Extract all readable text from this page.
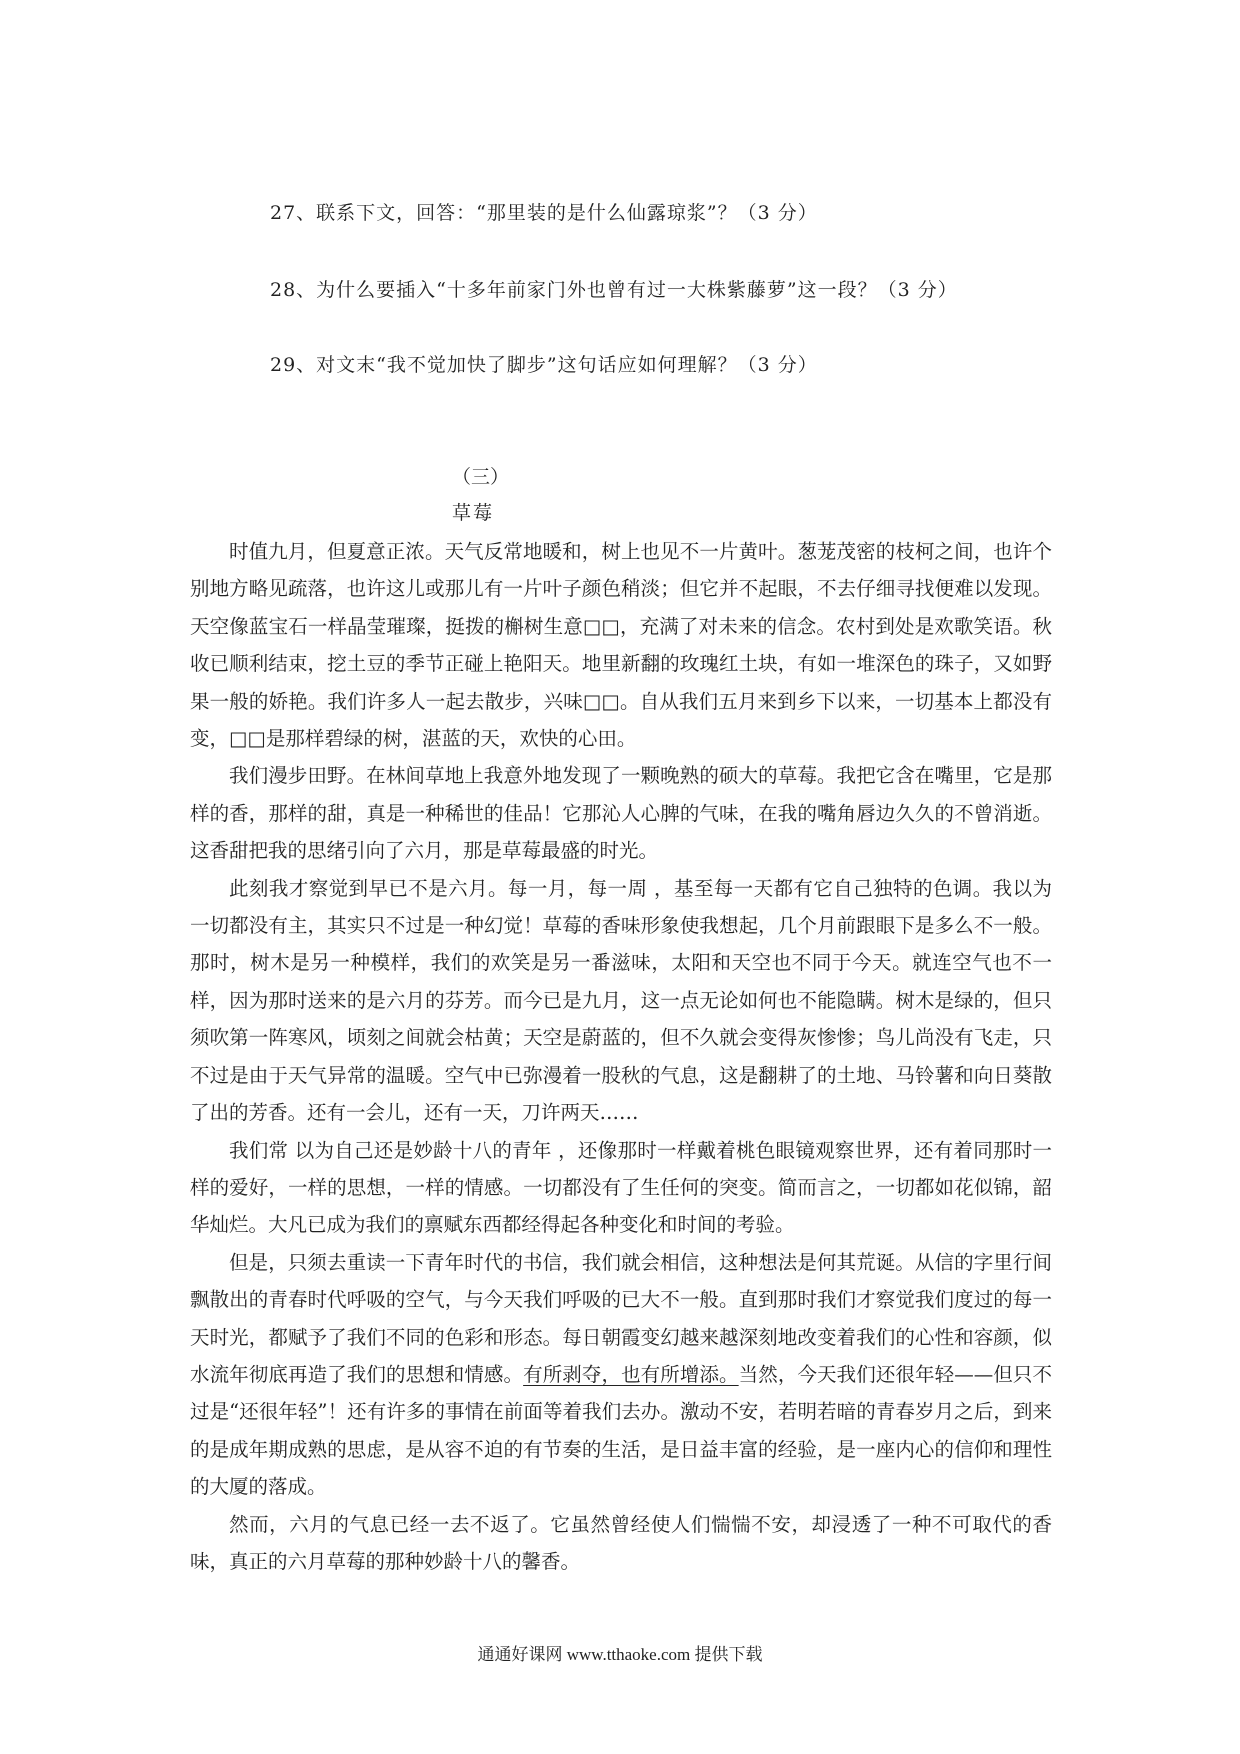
27、联系下文，回答：“那里装的是什么仙露琼浆”？（3 分）
28、为什么要插入“十多年前家门外也曾有过一大株紫藤萝”这一段？（3 分）
29、对文末“我不觉加快了脚步”这句话应如何理解？（3 分）
（三）
草莓

时值九月，但夏意正浓。天气反常地暖和，树上也见不一片黄叶。葱茏茂密的枝柯之间，也许个别地方略见疏落，也许这儿或那儿有一片叶子颜色稍淡；但它并不起眼，不去仔细寻找便难以发现。天空像蓝宝石一样晶莹璀璨，挺拨的槲树生意□□，充满了对未来的信念。农村到处是欢歌笑语。秋收已顺利结束，挖土豆的季节正碰上艳阳天。地里新翻的玫瑰红土块，有如一堆深色的珠子，又如野果一般的娇艳。我们许多人一起去散步，兴味□□。自从我们五月来到乡下以来，一切基本上都没有变，□□是那样碧绿的树，湛蓝的天，欢快的心田。

我们漫步田野。在林间草地上我意外地发现了一颗晚熟的硕大的草莓。我把它含在嘴里，它是那样的香，那样的甜，真是一种稀世的佳品！它那沁人心脾的气味，在我的嘴角唇边久久的不曾消逝。这香甜把我的思绪引向了六月，那是草莓最盛的时光。

此刻我才察觉到早已不是六月。每一月，每一周 ，基至每一天都有它自己独特的色调。我以为一切都没有主，其实只不过是一种幻觉！草莓的香味形象使我想起，几个月前跟眼下是多么不一般。那时，树木是另一种模样，我们的欢笑是另一番滋味，太阳和天空也不同于今天。就连空气也不一样，因为那时送来的是六月的芬芳。而今已是九月，这一点无论如何也不能隐瞒。树木是绿的，但只须吹第一阵寒风，顷刻之间就会枯黄；天空是蔚蓝的，但不久就会变得灰惨惨；鸟儿尚没有飞走，只不过是由于天气异常的温暖。空气中已弥漫着一股秋的气息，这是翻耕了的土地、马铃薯和向日葵散了出的芳香。还有一会儿，还有一天，刀许两天……

我们常 以为自己还是妙龄十八的青年 ，还像那时一样戴着桃色眼镜观察世界，还有着同那时一样的爱好，一样的思想，一样的情感。一切都没有了生任何的突变。简而言之，一切都如花似锦，韶华灿烂。大凡已成为我们的禀赋东西都经得起各种变化和时间的考验。

但是，只须去重读一下青年时代的书信，我们就会相信，这种想法是何其荒诞。从信的字里行间飘散出的青春时代呼吸的空气，与今天我们呼吸的已大不一般。直到那时我们才察觉我们度过的每一天时光，都赋予了我们不同的色彩和形态。每日朝霞变幻越来越深刻地改变着我们的心性和容颜，似水流年彻底再造了我们的思想和情感。有所剥夺，也有所增添。当然，今天我们还很年轻——但只不过是“还很年轻”！还有许多的事情在前面等着我们去办。激动不安，若明若暗的青春岁月之后，到来的是成年期成熟的思虑，是从容不迫的有节奏的生活，是日益丰富的经验，是一座内心的信仰和理性的大厦的落成。

然而，六月的气息已经一去不返了。它虽然曾经使人们惴惴不安，却浸透了一种不可取代的香味，真正的六月草莓的那种妙龄十八的馨香。

通通好课网 www.tthaoke.com 提供下载
